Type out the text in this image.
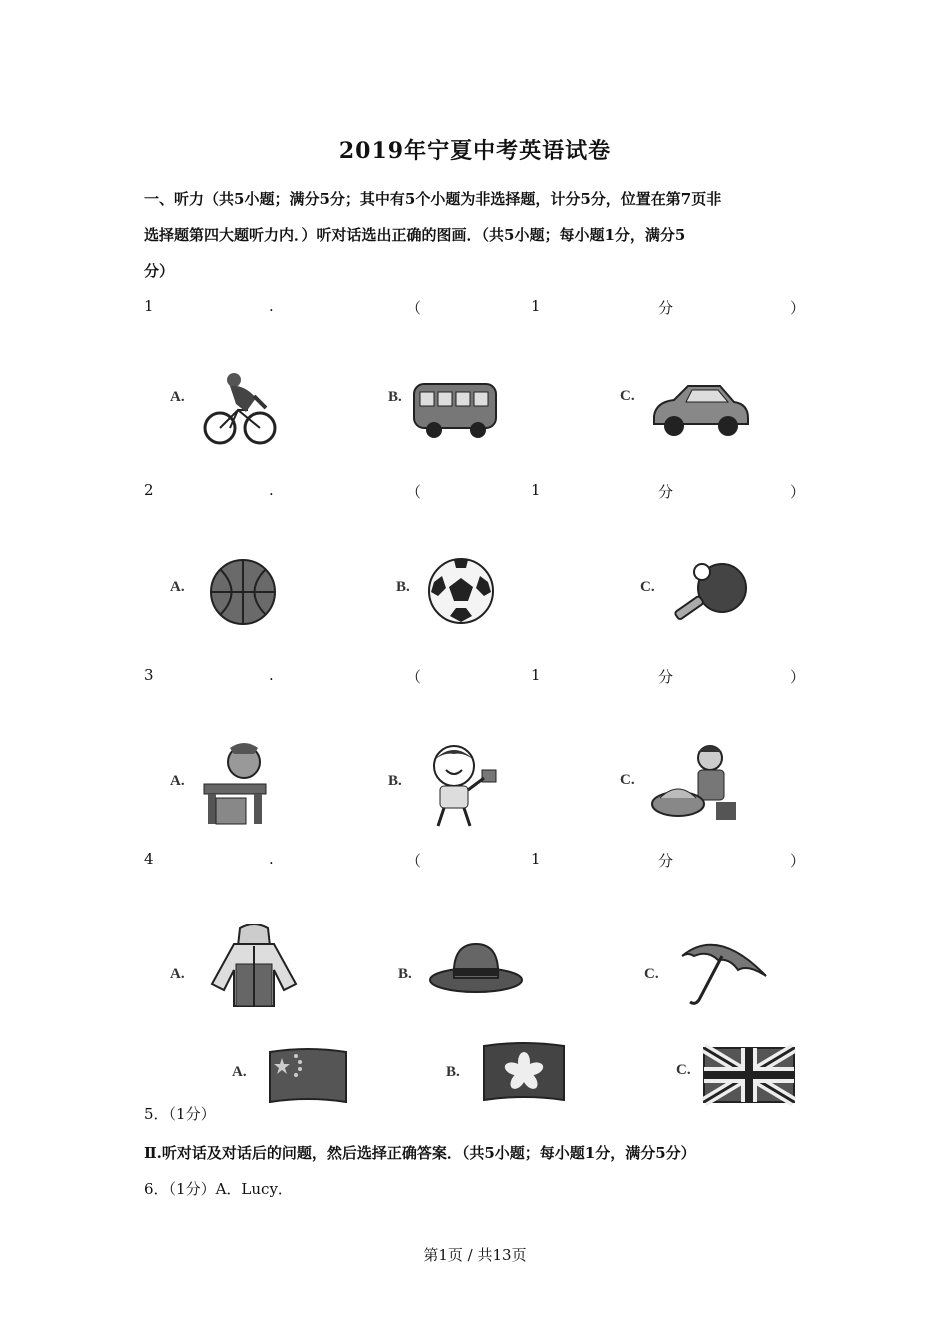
2019年宁夏中考英语试卷
一、听力（共5小题；满分5分；其中有5个小题为非选择题，计分5分，位置在第7页非
选择题第四大题听力内．）听对话选出正确的图画．（共5小题；每小题1分，满分5
分）
1	.	（	1	分	）
A.	B.	C.
2	.	（	1	分	）
A.	B.	C.
3	.	（	1	分	）
A.	B.	C.
4	.	（	1	分	）
A.	B.	C.
A.	B.	C.
5．（1分）
Ⅱ.听对话及对话后的问题，然后选择正确答案．（共5小题；每小题1分，满分5分）
6．（1分）A．Lucy．
第1页 / 共13页
